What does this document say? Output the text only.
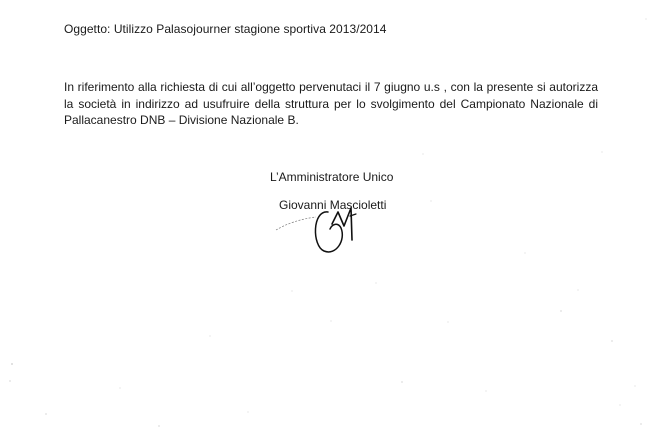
Oggetto: Utilizzo Palasojourner stagione sportiva 2013/2014
In riferimento alla richiesta di cui all’oggetto pervenutaci il 7 giugno u.s , con la presente si autorizza la società in indirizzo ad usufruire della struttura per lo svolgimento del Campionato Nazionale di Pallacanestro DNB – Divisione Nazionale B.
L’Amministratore Unico
Giovanni Mascioletti
